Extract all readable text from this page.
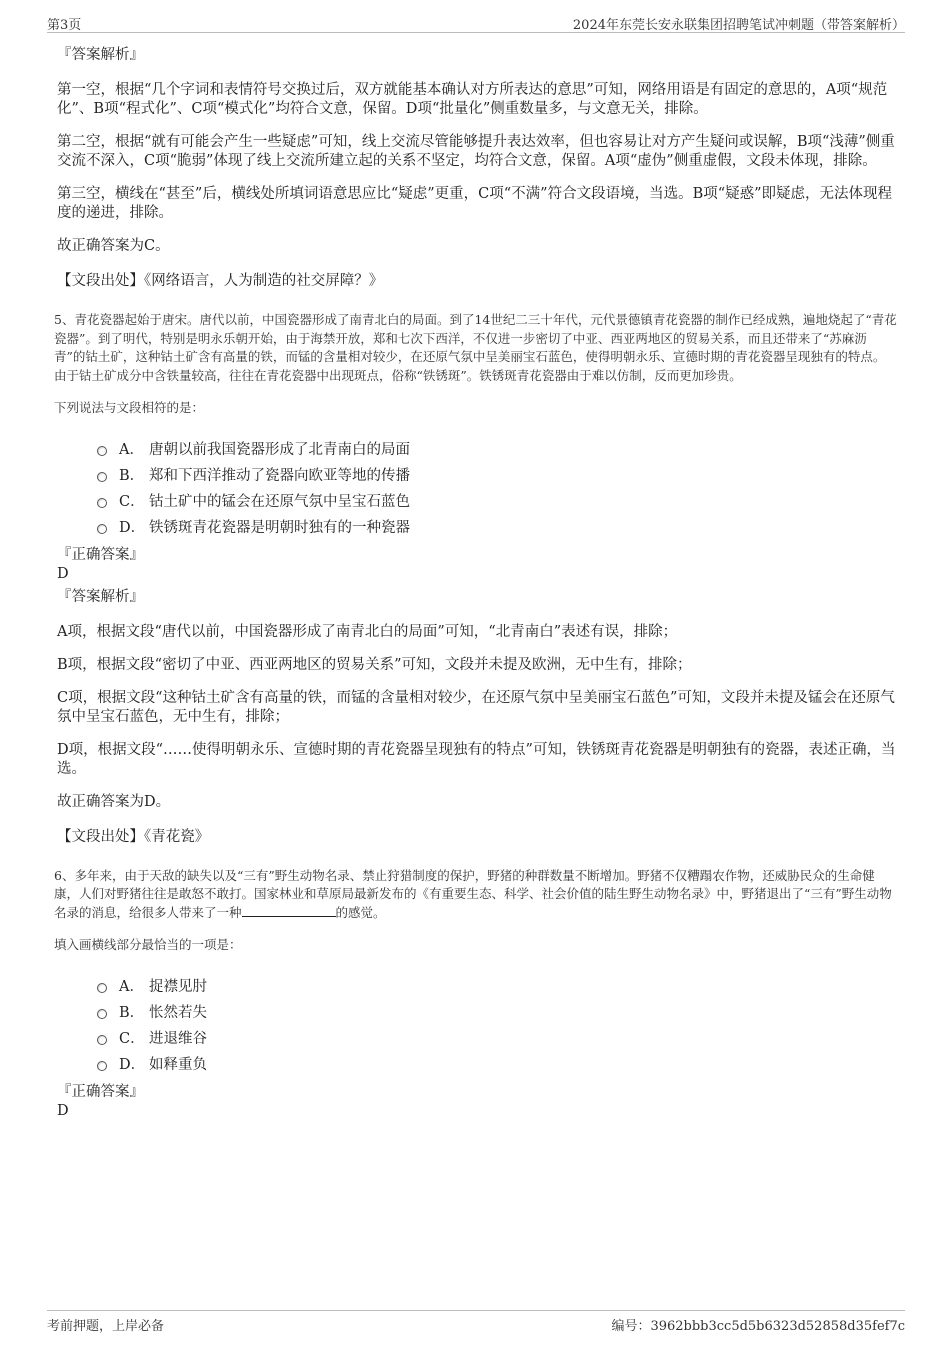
第3页	2024年东莞长安永联集团招聘笔试冲刺题（带答案解析）

『答案解析』

第一空，根据“几个字词和表情符号交换过后，双方就能基本确认对方所表达的意思”可知，网络用语是有固定的意思的，A项“规范化”、B项“程式化”、C项“模式化”均符合文意，保留。D项“批量化”侧重数量多，与文意无关，排除。

第二空，根据“就有可能会产生一些疑虑”可知，线上交流尽管能够提升表达效率，但也容易让对方产生疑问或误解，B项“浅薄”侧重交流不深入，C项“脆弱”体现了线上交流所建立起的关系不坚定，均符合文意，保留。A项“虚伪”侧重虚假，文段未体现，排除。

第三空，横线在“甚至”后，横线处所填词语意思应比“疑虑”更重，C项“不满”符合文段语境，当选。B项“疑惑”即疑虑，无法体现程度的递进，排除。

故正确答案为C。

【文段出处】《网络语言，人为制造的社交屏障？》

5、青花瓷器起始于唐宋。唐代以前，中国瓷器形成了南青北白的局面。到了14世纪二三十年代，元代景德镇青花瓷器的制作已经成熟，遍地烧起了“青花瓷器”。到了明代，特别是明永乐朝开始，由于海禁开放，郑和七次下西洋，不仅进一步密切了中亚、西亚两地区的贸易关系，而且还带来了“苏麻沥青”的钴土矿，这种钴土矿含有高量的铁，而锰的含量相对较少，在还原气氛中呈美丽宝石蓝色，使得明朝永乐、宣德时期的青花瓷器呈现独有的特点。由于钴土矿成分中含铁量较高，往往在青花瓷器中出现斑点，俗称“铁锈斑”。铁锈斑青花瓷器由于难以仿制，反而更加珍贵。

下列说法与文段相符的是：

A． 唐朝以前我国瓷器形成了北青南白的局面
B． 郑和下西洋推动了瓷器向欧亚等地的传播
C． 钴土矿中的锰会在还原气氛中呈宝石蓝色
D． 铁锈斑青花瓷器是明朝时独有的一种瓷器

『正确答案』

D

『答案解析』

A项，根据文段“唐代以前，中国瓷器形成了南青北白的局面”可知，“北青南白”表述有误，排除；

B项，根据文段“密切了中亚、西亚两地区的贸易关系”可知，文段并未提及欧洲，无中生有，排除；

C项，根据文段“这种钴土矿含有高量的铁，而锰的含量相对较少，在还原气氛中呈美丽宝石蓝色”可知，文段并未提及锰会在还原气氛中呈宝石蓝色，无中生有，排除；

D项，根据文段“……使得明朝永乐、宣德时期的青花瓷器呈现独有的特点”可知，铁锈斑青花瓷器是明朝独有的瓷器，表述正确，当选。

故正确答案为D。

【文段出处】《青花瓷》

6、多年来，由于天敌的缺失以及“三有”野生动物名录、禁止狩猎制度的保护，野猪的种群数量不断增加。野猪不仅糟蹋农作物，还威胁民众的生命健康，人们对野猪往往是敢怒不敢打。国家林业和草原局最新发布的《有重要生态、科学、社会价值的陆生野生动物名录》中，野猪退出了“三有”野生动物名录的消息，给很多人带来了一种	的感觉。

填入画横线部分最恰当的一项是：

A． 捉襟见肘
B． 怅然若失
C． 进退维谷
D． 如释重负

『正确答案』

D

考前押题，上岸必备	编号：3962bbb3cc5d5b6323d52858d35fef7c
